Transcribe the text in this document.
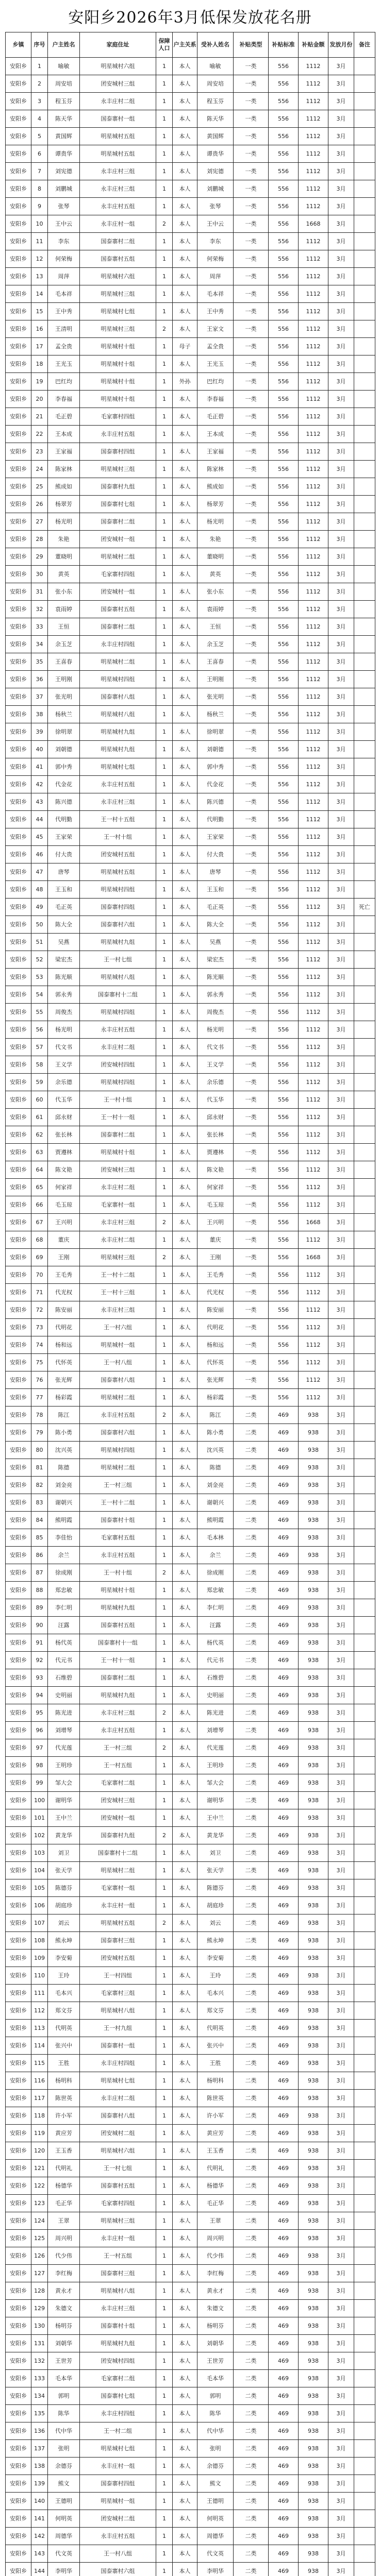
安阳乡2026年3月低保发放花名册
乡镇	序号	户主姓名	家庭住址	保障人口	户主关系	受补人姓名	补贴类型	补贴标准	补贴金额	发放月份	备注
安阳乡	1	喻敏	明星城村六组	1	本人	喻敏	一类	556	1112	3月	
安阳乡	2	周安培	团安城村三组	1	本人	周安培	一类	556	1112	3月	
安阳乡	3	程玉芬	永丰庄村二组	1	本人	程玉芬	一类	556	1112	3月	
安阳乡	4	陈天华	国泰寨村一组	1	本人	陈天华	一类	556	1112	3月	
安阳乡	5	黄国辉	明星城村五组	1	本人	黄国辉	一类	556	1112	3月	
安阳乡	6	谭贵华	明星城村五组	1	本人	谭贵华	一类	556	1112	3月	
安阳乡	7	刘宪德	永丰庄村三组	1	本人	刘宪德	一类	556	1112	3月	
安阳乡	8	刘鹏城	永丰庄村三组	1	本人	刘鹏城	一类	556	1112	3月	
安阳乡	9	张琴	永丰庄村五组	1	本人	张琴	一类	556	1112	3月	
安阳乡	10	王中云	永丰庄村一组	2	本人	王中云	一类	556	1668	3月	
安阳乡	11	李东	国泰寨村二组	1	本人	李东	一类	556	1112	3月	
安阳乡	12	何荣梅	国泰寨村五组	1	本人	何荣梅	一类	556	1112	3月	
安阳乡	13	周萍	明星城村六组	1	本人	周萍	一类	556	1112	3月	
安阳乡	14	毛本祥	明星城村三组	1	本人	毛本祥	一类	556	1112	3月	
安阳乡	15	王中秀	明星城村七组	1	本人	王中秀	一类	556	1112	3月	
安阳乡	16	王清明	明星城村三组	2	本人	王家文	一类	556	1112	3月	
安阳乡	17	孟全贵	明星城村十组	1	母子	孟全贵	一类	556	1112	3月	
安阳乡	18	王光玉	明星城村十组	1	本人	王光玉	一类	556	1112	3月	
安阳乡	19	巴红均	明星城村十组	1	外孙	巴红均	一类	556	1112	3月	
安阳乡	20	李春福	明星城村十组	1	本人	李春福	一类	556	1112	3月	
安阳乡	21	毛正碧	毛家寨村四组	1	本人	毛正碧	一类	556	1112	3月	
安阳乡	22	王本成	永丰庄村五组	1	本人	王本成	一类	556	1112	3月	
安阳乡	23	王家福	国泰寨村四组	1	本人	王家福	一类	556	1112	3月	
安阳乡	24	陈家林	明星城村三组	1	本人	陈家林	一类	556	1112	3月	
安阳乡	25	熊成如	国泰寨村九组	1	本人	熊成如	一类	556	1112	3月	
安阳乡	26	杨翠芳	国泰寨村七组	1	本人	杨翠芳	一类	556	1112	3月	
安阳乡	27	杨光明	国泰寨村二组	1	本人	杨光明	一类	556	1112	3月	
安阳乡	28	朱艳	团安城村一组	1	本人	朱艳	一类	556	1112	3月	
安阳乡	29	董晓明	明星城村二组	1	本人	董晓明	一类	556	1112	3月	
安阳乡	30	黄英	毛家寨村四组	1	本人	黄英	一类	556	1112	3月	
安阳乡	31	张小东	团安城村一组	1	本人	张小东	一类	556	1112	3月	
安阳乡	32	袁雨婷	国泰寨村五组	1	本人	袁雨婷	一类	556	1112	3月	
安阳乡	33	王恒	国泰寨村二组	1	本人	王恒	一类	556	1112	3月	
安阳乡	34	余玉芝	永丰庄村四组	1	本人	余玉芝	一类	556	1112	3月	
安阳乡	35	王喜春	明星城村二组	1	本人	王喜春	一类	556	1112	3月	
安阳乡	36	王明刚	明星城村四组	1	本人	王明刚	一类	556	1112	3月	
安阳乡	37	张光明	国泰寨村八组	1	本人	张光明	一类	556	1112	3月	
安阳乡	38	杨秋兰	明星城村八组	1	本人	杨秋兰	一类	556	1112	3月	
安阳乡	39	徐明翠	明星城村九组	1	本人	徐明翠	一类	556	1112	3月	
安阳乡	40	刘朝德	明星城村九组	1	本人	刘朝德	一类	556	1112	3月	
安阳乡	41	郭中秀	明星城村七组	1	本人	郭中秀	一类	556	1112	3月	
安阳乡	42	代金花	永丰庄村五组	1	本人	代金花	一类	556	1112	3月	
安阳乡	43	陈兴德	永丰庄村三组	1	本人	陈兴德	一类	556	1112	3月	
安阳乡	44	代明勤	王一村十五组	1	本人	代明勤	一类	556	1112	3月	
安阳乡	45	王家荣	王一村十组	1	本人	王家荣	一类	556	1112	3月	
安阳乡	46	付大贵	团安城村五组	1	本人	付大贵	一类	556	1112	3月	
安阳乡	47	唐琴	明星城村五组	1	本人	唐琴	一类	556	1112	3月	
安阳乡	48	王玉和	明星城村四组	1	本人	王玉和	一类	556	1112	3月	
安阳乡	49	毛正英	国泰寨村四组	1	本人	毛正英	一类	556	1112	3月	死亡
安阳乡	50	陈大全	国泰寨村六组	1	本人	陈大全	一类	556	1112	3月	
安阳乡	51	吴燕	明星城村九组	1	本人	吴燕	一类	556	1112	3月	
安阳乡	52	梁宏杰	王一村七组	1	本人	梁宏杰	一类	556	1112	3月	
安阳乡	53	陈光顺	明星城村八组	1	本人	陈光顺	一类	556	1112	3月	
安阳乡	54	郭永秀	国泰寨村十二组	1	本人	郭永秀	一类	556	1112	3月	
安阳乡	55	周俊杰	明星城村四组	1	本人	周俊杰	一类	556	1112	3月	
安阳乡	56	杨光明	永丰庄村五组	1	本人	杨光明	一类	556	1112	3月	
安阳乡	57	代文书	永丰庄村二组	1	本人	代文书	一类	556	1112	3月	
安阳乡	58	王义学	团安城村四组	1	本人	王义学	一类	556	1112	3月	
安阳乡	59	余乐德	明星城村四组	1	本人	余乐德	一类	556	1112	3月	
安阳乡	60	代玉华	王一村十组	1	本人	代玉华	一类	556	1112	3月	
安阳乡	61	邱永财	王一村十一组	1	本人	邱永财	一类	556	1112	3月	
安阳乡	62	张长林	国泰寨村二组	1	本人	张长林	一类	556	1112	3月	
安阳乡	63	贾遵林	明星城村十组	1	本人	贾遵林	一类	556	1112	3月	
安阳乡	64	陈文艳	团安城村三组	1	本人	陈文艳	一类	556	1112	3月	
安阳乡	65	何家祥	永丰庄村二组	1	本人	何家祥	一类	556	1112	3月	
安阳乡	66	毛玉琼	毛家寨村一组	1	本人	毛玉琼	一类	556	1112	3月	
安阳乡	67	王兴明	永丰庄村三组	2	本人	王兴明	一类	556	1668	3月	
安阳乡	68	董庆	永丰庄村二组	1	本人	董庆	一类	556	1112	3月	
安阳乡	69	王刚	明星城村三组	2	本人	王刚	一类	556	1668	3月	
安阳乡	70	王毛秀	王一村十二组	1	本人	王毛秀	一类	556	1112	3月	
安阳乡	71	代光权	王一村十三组	1	本人	代光权	一类	556	1112	3月	
安阳乡	72	陈安丽	永丰庄村三组	1	本人	陈安丽	一类	556	1112	3月	
安阳乡	73	代明花	王一村六组	1	本人	代明花	一类	556	1112	3月	
安阳乡	74	杨和远	明星城村一组	1	本人	杨和远	一类	556	1112	3月	
安阳乡	75	代怀英	王一村八组	1	本人	代怀英	一类	556	1112	3月	
安阳乡	76	张光辉	国泰寨村八组	1	本人	张光辉	一类	556	1112	3月	
安阳乡	77	杨彩霞	明星城村二组	1	本人	杨彩霞	一类	556	1112	3月	
安阳乡	78	陈江	永丰庄村五组	2	本人	陈江	二类	469	938	3月	
安阳乡	79	陈小勇	国泰寨村六组	1	本人	陈小勇	二类	469	938	3月	
安阳乡	80	沈兴英	明星城村四组	1	本人	沈兴英	二类	469	938	3月	
安阳乡	81	陈德	明星城村二组	1	本人	陈德	二类	469	938	3月	
安阳乡	82	刘金亮	王一村三组	1	本人	刘金亮	二类	469	938	3月	
安阳乡	83	谢朝兴	王一村十二组	1	本人	谢朝兴	二类	469	938	3月	
安阳乡	84	熊明霞	国泰寨村十组	1	本人	熊明霞	二类	469	938	3月	
安阳乡	85	李佳怡	毛家寨村五组	1	本人	毛本林	二类	469	938	3月	
安阳乡	86	余兰	永丰庄村五组	1	本人	余兰	二类	469	938	3月	
安阳乡	87	徐成刚	王一村十组	2	本人	徐成刚	二类	469	938	3月	
安阳乡	88	郑忠敏	明星城村十组	1	本人	郑忠敏	二类	469	938	3月	
安阳乡	89	李仁明	明星城村九组	1	本人	李仁明	二类	469	938	3月	
安阳乡	90	汪露	国泰寨村五组	1	本人	汪露	二类	469	938	3月	
安阳乡	91	杨代英	国泰寨村十一组	1	本人	杨代英	二类	469	938	3月	
安阳乡	92	代元书	王一村十一组	1	本人	代元书	二类	469	938	3月	
安阳乡	93	石维碧	国泰寨村二组	1	本人	石维碧	二类	469	938	3月	
安阳乡	94	史明丽	明星城村九组	1	本人	史明丽	二类	469	938	3月	
安阳乡	95	陈光进	永丰庄村三组	2	本人	陈光进	二类	469	938	3月	
安阳乡	96	刘增琴	永丰庄村五组	1	本人	刘增琴	二类	469	938	3月	
安阳乡	97	代光莲	王一村三组	2	本人	代光莲	二类	469	938	3月	
安阳乡	98	王明珍	王一村五组	1	本人	王明珍	二类	469	938	3月	
安阳乡	99	邹大会	毛家寨村二组	1	本人	邹大会	二类	469	938	3月	
安阳乡	100	谢明华	团安城村三组	1	本人	谢明华	二类	469	938	3月	
安阳乡	101	王中兰	团安城村一组	1	本人	王中兰	二类	469	938	3月	
安阳乡	102	黄龙华	国泰寨村九组	2	本人	黄龙华	二类	469	938	3月	
安阳乡	103	刘卫	国泰寨村十二组	1	本人	刘卫	二类	469	938	3月	
安阳乡	104	张天学	明星城村二组	1	本人	张天学	二类	469	938	3月	
安阳乡	105	陈德芬	毛家寨村一组	1	本人	陈德芬	二类	469	938	3月	
安阳乡	106	胡庭珍	永丰庄村一组	1	本人	胡庭珍	二类	469	938	3月	
安阳乡	107	刘云	明星城村五组	2	本人	刘云	二类	469	938	3月	
安阳乡	108	熊永坤	国泰寨村三组	1	本人	熊永坤	二类	469	938	3月	
安阳乡	109	李安菊	团安城村五组	1	本人	李安菊	二类	469	938	3月	
安阳乡	110	王玲	王一村四组	1	本人	王玲	二类	469	938	3月	
安阳乡	111	毛本兴	毛家寨村三组	1	本人	毛本兴	二类	469	938	3月	
安阳乡	112	郑文芬	明星城村八组	1	本人	郑文芬	二类	469	938	3月	
安阳乡	113	代明英	王一村九组	1	本人	代明英	二类	469	938	3月	
安阳乡	114	张兴中	国泰寨村一组	1	本人	张兴中	二类	469	938	3月	
安阳乡	115	王胜	永丰庄村四组	1	本人	王胜	二类	469	938	3月	
安阳乡	116	杨明科	明星城村七组	1	本人	杨明科	二类	469	938	3月	
安阳乡	117	陈世英	永丰庄村二组	1	本人	陈世英	二类	469	938	3月	
安阳乡	118	许小军	国泰寨村八组	1	本人	许小军	二类	469	938	3月	
安阳乡	119	黄应芳	团安城村二组	1	本人	黄应芳	二类	469	938	3月	
安阳乡	120	王玉香	明星城村六组	1	本人	王玉香	二类	469	938	3月	
安阳乡	121	代明礼	王一村七组	1	本人	代明礼	二类	469	938	3月	
安阳乡	122	杨德华	国泰寨村五组	1	本人	杨德华	二类	469	938	3月	
安阳乡	123	毛正华	毛家寨村四组	1	本人	毛正华	二类	469	938	3月	
安阳乡	124	王翠	明星城村三组	1	本人	王翠	二类	469	938	3月	
安阳乡	125	周兴明	永丰庄村一组	1	本人	周兴明	二类	469	938	3月	
安阳乡	126	代少伟	王一村五组	1	本人	代少伟	二类	469	938	3月	
安阳乡	127	李红梅	国泰寨村三组	1	本人	李红梅	二类	469	938	3月	
安阳乡	128	黄永才	明星城村八组	1	本人	黄永才	二类	469	938	3月	
安阳乡	129	朱德文	永丰庄村三组	1	本人	朱德文	二类	469	938	3月	
安阳乡	130	杨明芬	国泰寨村十组	1	本人	杨明芬	二类	469	938	3月	
安阳乡	131	刘朝华	明星城村九组	1	本人	刘朝华	二类	469	938	3月	
安阳乡	132	王世芳	团安城村四组	1	本人	王世芳	二类	469	938	3月	
安阳乡	133	毛本华	毛家寨村二组	1	本人	毛本华	二类	469	938	3月	
安阳乡	134	郭明	国泰寨村七组	1	本人	郭明	二类	469	938	3月	
安阳乡	135	陈华	永丰庄村四组	1	本人	陈华	二类	469	938	3月	
安阳乡	136	代中华	王一村二组	1	本人	代中华	二类	469	938	3月	
安阳乡	137	张明	明星城村七组	1	本人	张明	二类	469	938	3月	
安阳乡	138	余德芬	永丰庄村一组	1	本人	余德芬	二类	469	938	3月	
安阳乡	139	熊文	国泰寨村四组	1	本人	熊文	二类	469	938	3月	
安阳乡	140	王德明	明星城村一组	1	本人	王德明	二类	469	938	3月	
安阳乡	141	何明英	团安城村二组	1	本人	何明英	二类	469	938	3月	
安阳乡	142	周德华	永丰庄村五组	1	本人	周德华	二类	469	938	3月	
安阳乡	143	代文英	王一村八组	1	本人	代文英	二类	469	938	3月	
安阳乡	144	李明华	国泰寨村六组	1	本人	李明华	二类	469	938	3月	
